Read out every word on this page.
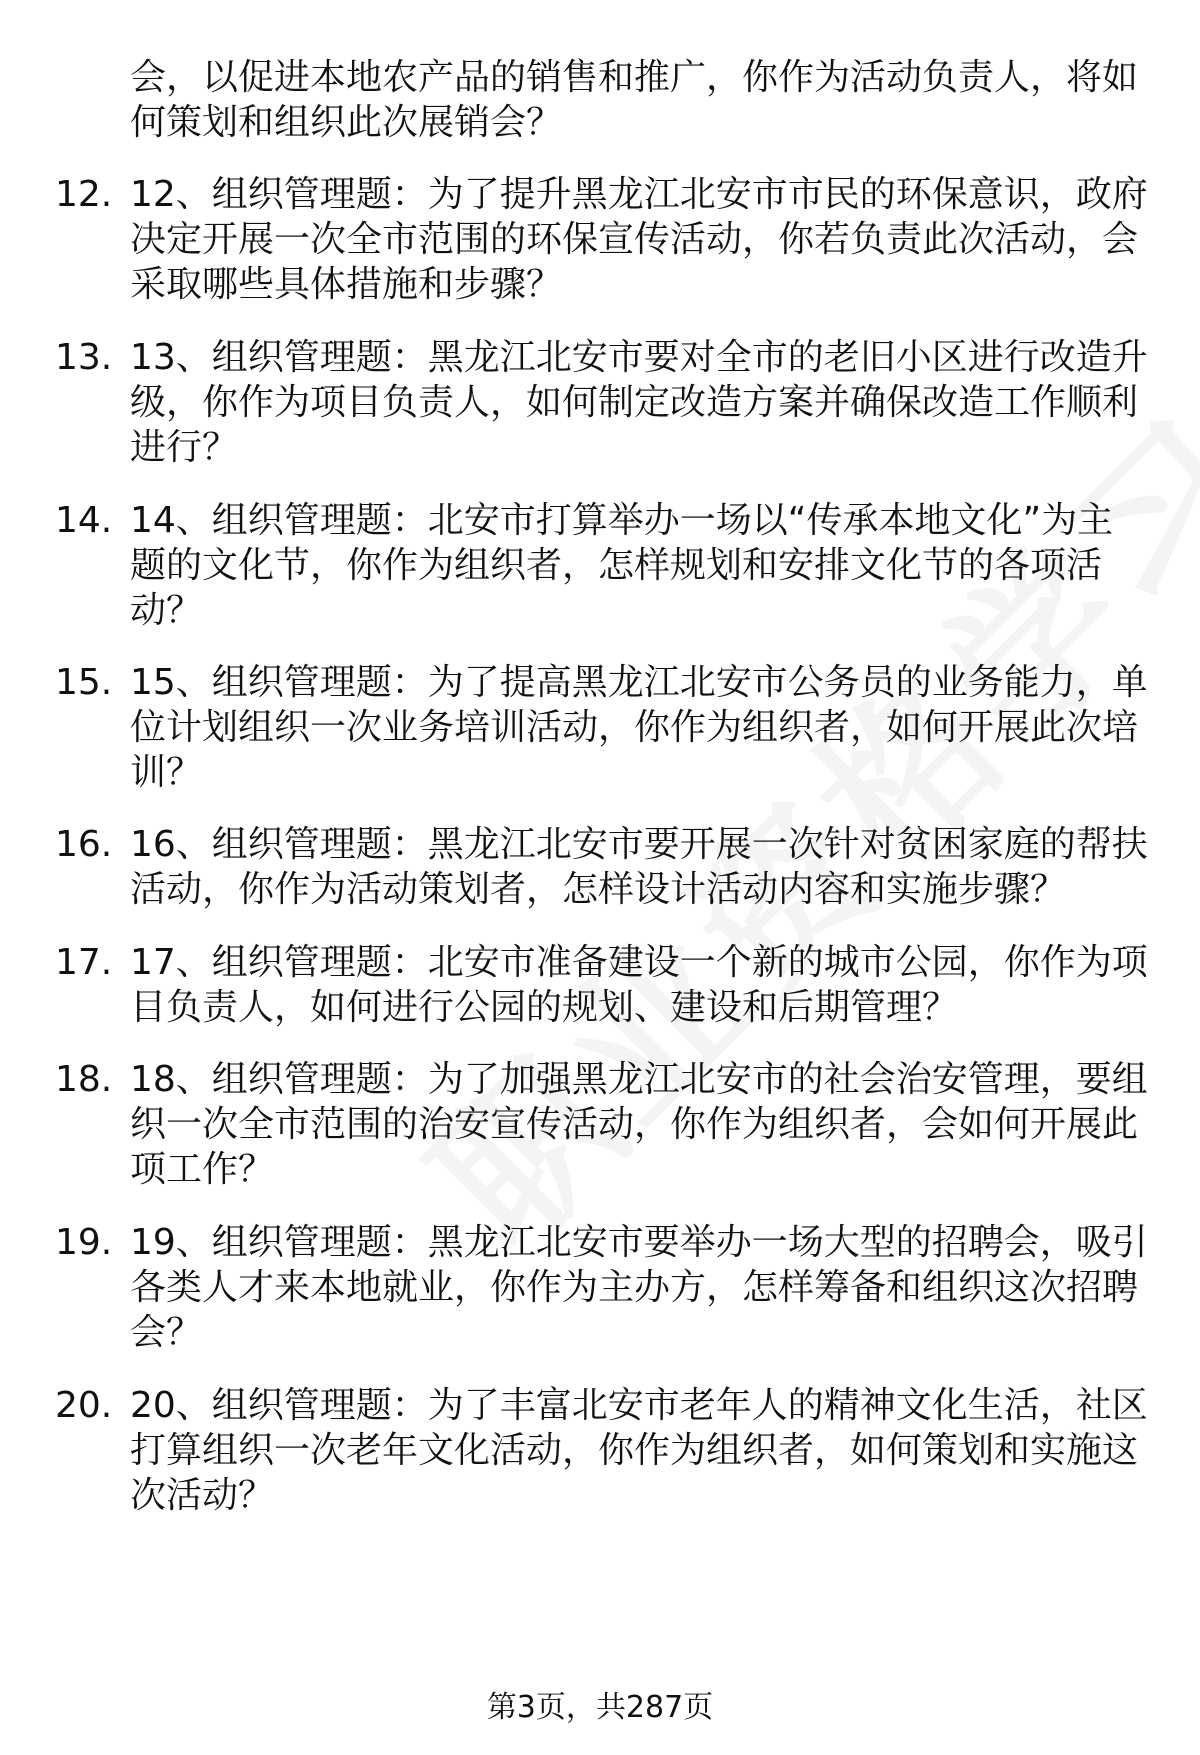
会，以促进本地农产品的销售和推广，你作为活动负责人，将如
何策划和组织此次展销会？
12. 12、组织管理题：为了提升黑龙江北安市市民的环保意识，政府
决定开展一次全市范围的环保宣传活动，你若负责此次活动，会
采取哪些具体措施和步骤？
13. 13、组织管理题：黑龙江北安市要对全市的老旧小区进行改造升
级，你作为项目负责人，如何制定改造方案并确保改造工作顺利
进行？
14. 14、组织管理题：北安市打算举办一场以“传承本地文化”为主
题的文化节，你作为组织者，怎样规划和安排文化节的各项活
动？
15. 15、组织管理题：为了提高黑龙江北安市公务员的业务能力，单
位计划组织一次业务培训活动，你作为组织者，如何开展此次培
训？
16. 16、组织管理题：黑龙江北安市要开展一次针对贫困家庭的帮扶
活动，你作为活动策划者，怎样设计活动内容和实施步骤？
17. 17、组织管理题：北安市准备建设一个新的城市公园，你作为项
目负责人，如何进行公园的规划、建设和后期管理？
18. 18、组织管理题：为了加强黑龙江北安市的社会治安管理，要组
织一次全市范围的治安宣传活动，你作为组织者，会如何开展此
项工作？
19. 19、组织管理题：黑龙江北安市要举办一场大型的招聘会，吸引
各类人才来本地就业，你作为主办方，怎样筹备和组织这次招聘
会？
20. 20、组织管理题：为了丰富北安市老年人的精神文化生活，社区
打算组织一次老年文化活动，你作为组织者，如何策划和实施这
次活动？
第3页，共287页
